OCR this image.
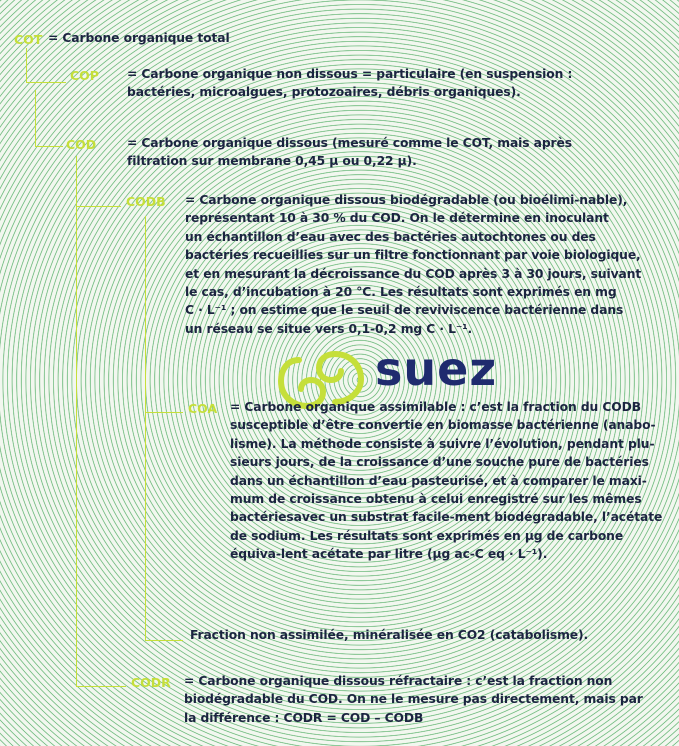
COT = Carbone organique total
COP = Carbone organique non dissous = particulaire (en suspension :
bactéries, microalgues, protozoaires, débris organiques).
COD	= Carbone organique dissous (mesuré comme le COT, mais après
filtration sur membrane 0,45 μ ou 0,22 μ).
CODB = Carbone organique dissous biodégradable (ou bioélimi-nable),
représentant 10 à 30 % du COD. On le détermine en inoculant
un échantillon d’eau avec des bactéries autochtones ou des
bactéries recueillies sur un filtre fonctionnant par voie biologique,
et en mesurant la décroissance du COD après 3 à 30 jours, suivant
le cas, d’incubation à 20 °C. Les résultats sont exprimés en mg
C · L⁻¹ ; on estime que le seuil de reviviscence bactérienne dans
un réseau se situe vers 0,1-0,2 mg C · L⁻¹.
suez
COA = Carbone organique assimilable : c’est la fraction du CODB
susceptible d’être convertie en biomasse bactérienne (anabo-
lisme). La méthode consiste à suivre l’évolution, pendant plu-
sieurs jours, de la croissance d’une souche pure de bactéries
dans un échantillon d’eau pasteurisé, et à comparer le maxi-
mum de croissance obtenu à celui enregistré sur les mêmes
bactériesavec un substrat facile-ment biodégradable, l’acétate
de sodium. Les résultats sont exprimés en μg de carbone
équiva-lent acétate par litre (μg ac-C eq · L⁻¹).
Fraction non assimilée, minéralisée en CO2 (catabolisme).
CODR = Carbone organique dissous réfractaire : c’est la fraction non
biodégradable du COD. On ne le mesure pas directement, mais par
la différence : CODR = COD – CODB
